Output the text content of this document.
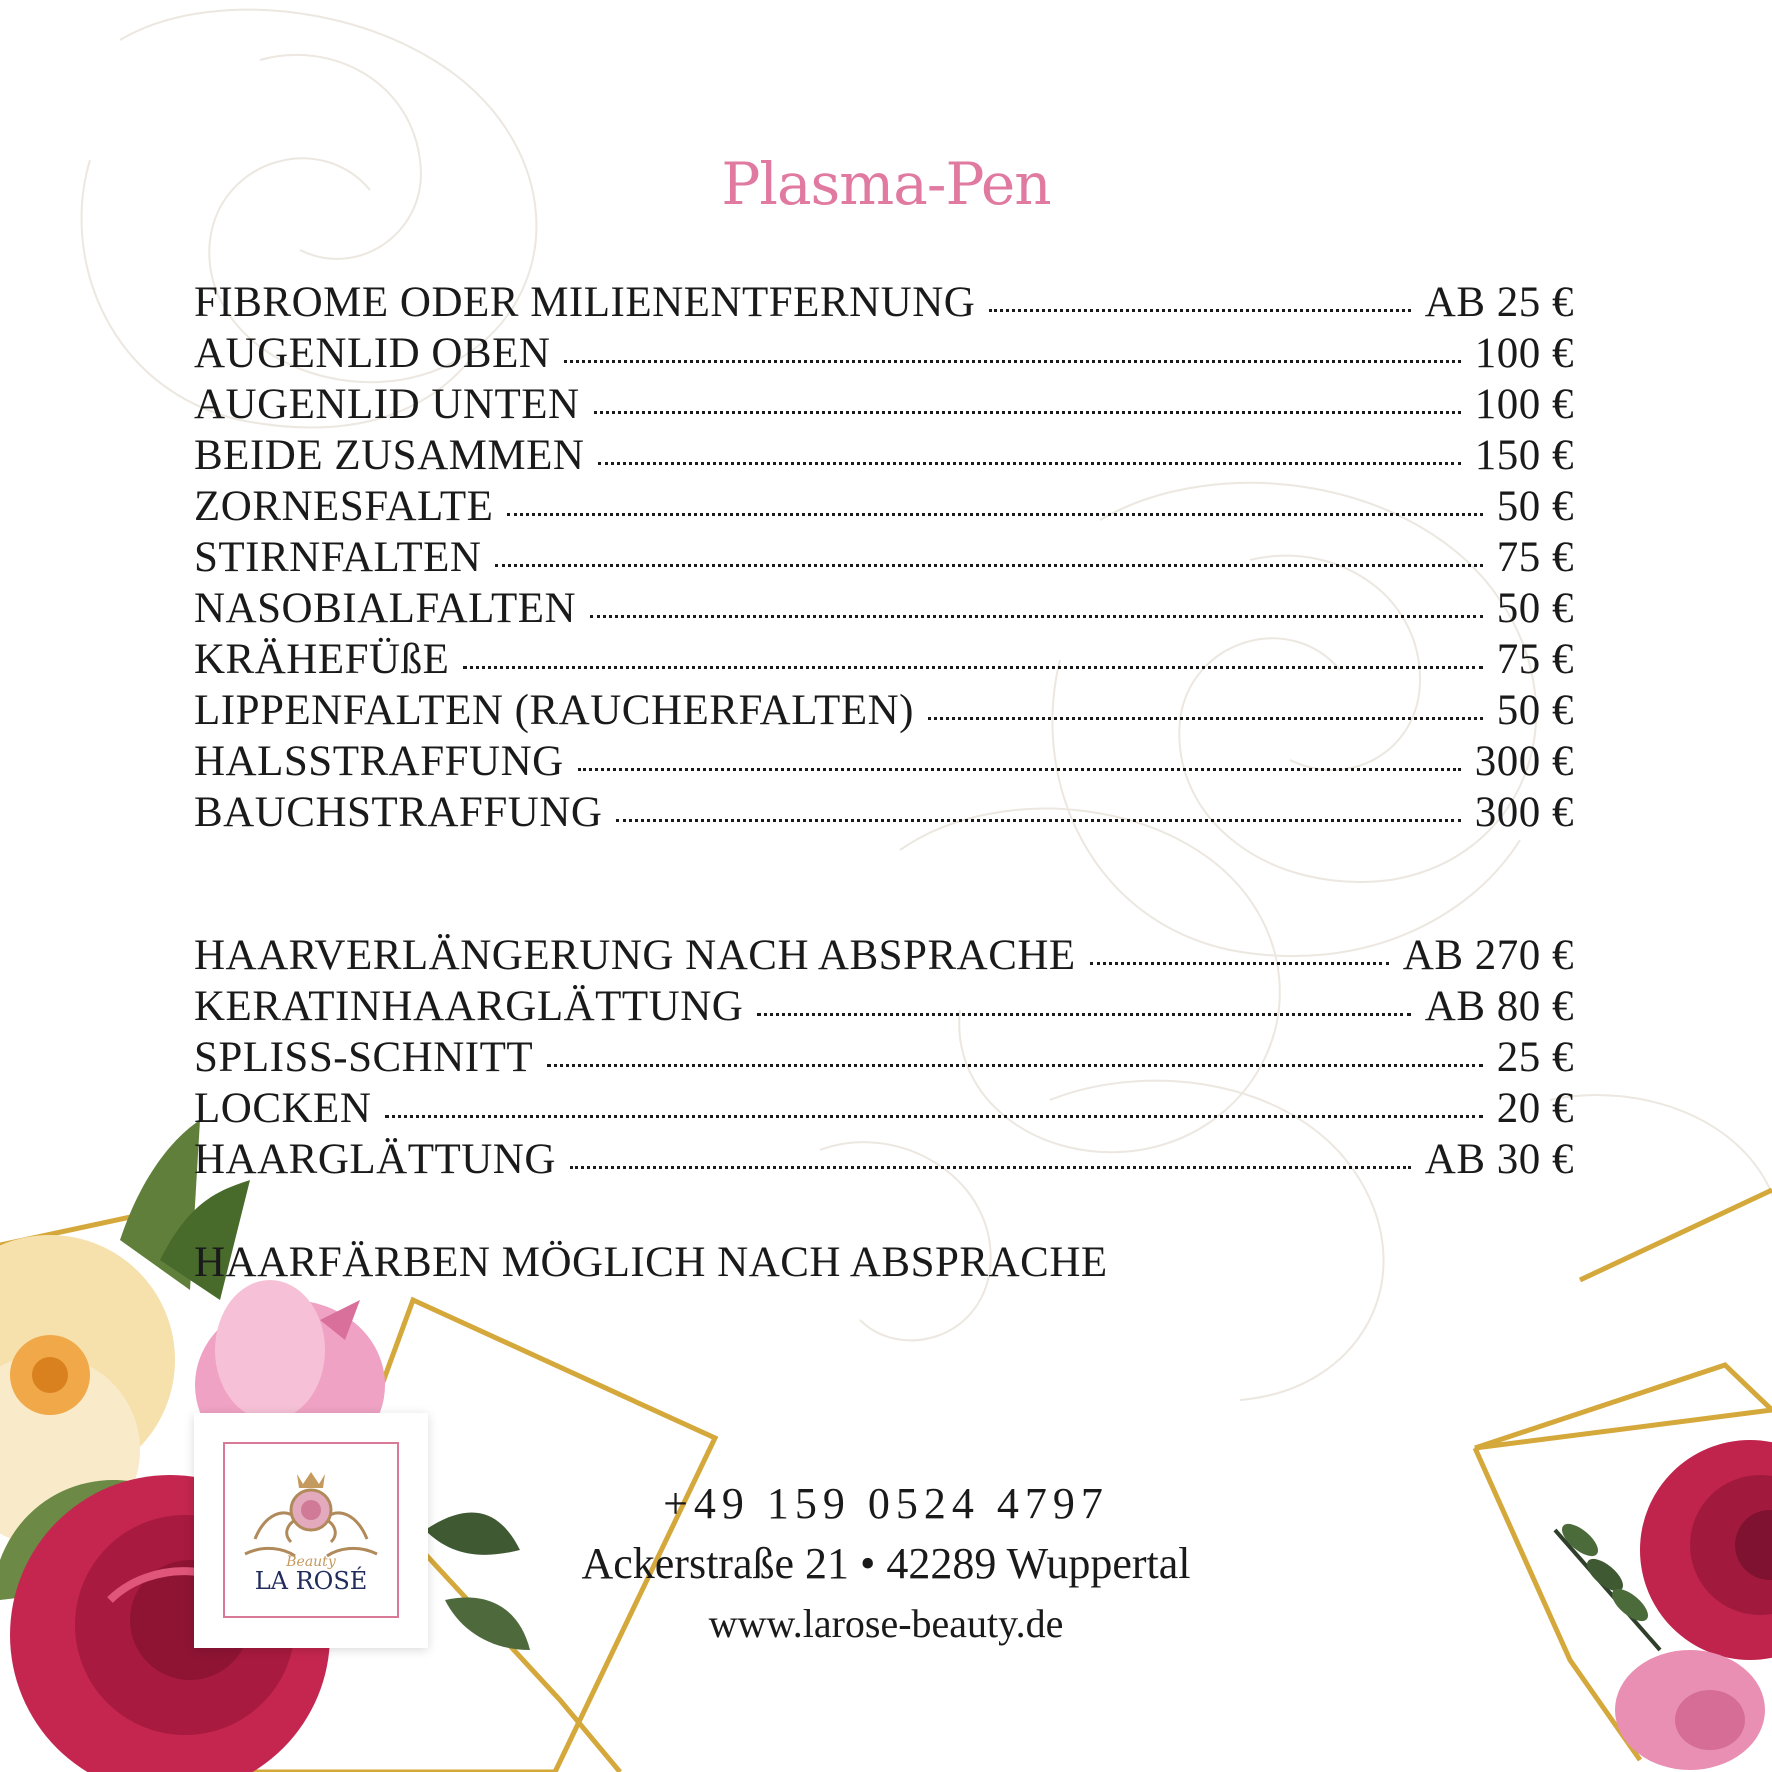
Plasma-Pen
FIBROME ODER MILIENENTFERNUNG	AB 25 €
AUGENLID OBEN	100 €
AUGENLID UNTEN	100 €
BEIDE ZUSAMMEN	150 €
ZORNESFALTE	50 €
STIRNFALTEN	75 €
NASOBIALFALTEN	50 €
KRÄHEFÜßE	75 €
LIPPENFALTEN (RAUCHERFALTEN)	50 €
HALSSTRAFFUNG	300 €
BAUCHSTRAFFUNG	300 €
HAARVERLÄNGERUNG NACH ABSPRACHE	AB 270 €
KERATINHAARGLÄTTUNG	AB 80 €
SPLISS-SCHNITT	25 €
LOCKEN	20 €
HAARGLÄTTUNG	AB 30 €
HAARFÄRBEN MÖGLICH NACH ABSPRACHE
Beauty
LA ROSÉ
+49 159 0524 4797
Ackerstraße 21 • 42289 Wuppertal
www.larose-beauty.de
